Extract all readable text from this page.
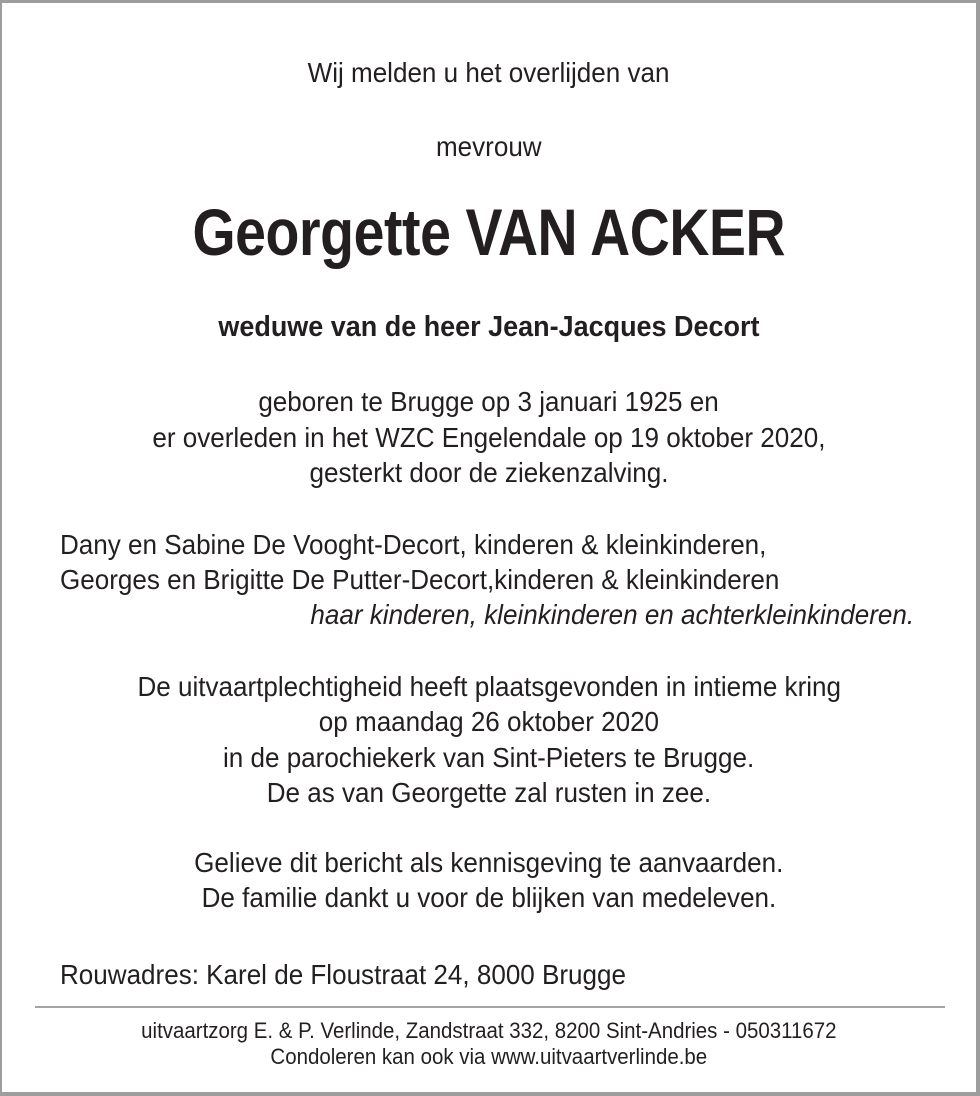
Wij melden u het overlijden van
mevrouw
Georgette VAN ACKER
weduwe van de heer Jean-Jacques Decort
geboren te Brugge op 3 januari 1925 en
er overleden in het WZC Engelendale op 19 oktober 2020,
gesterkt door de ziekenzalving.
Dany en Sabine De Vooght-Decort, kinderen & kleinkinderen,
Georges en Brigitte De Putter-Decort,kinderen & kleinkinderen
haar kinderen, kleinkinderen en achterkleinkinderen.
De uitvaartplechtigheid heeft plaatsgevonden in intieme kring
op maandag 26 oktober 2020
in de parochiekerk van Sint-Pieters te Brugge.
De as van Georgette zal rusten in zee.
Gelieve dit bericht als kennisgeving te aanvaarden.
De familie dankt u voor de blijken van medeleven.
Rouwadres: Karel de Floustraat 24, 8000 Brugge
uitvaartzorg E. & P. Verlinde, Zandstraat 332, 8200 Sint-Andries - 050311672
Condoleren kan ook via www.uitvaartverlinde.be
